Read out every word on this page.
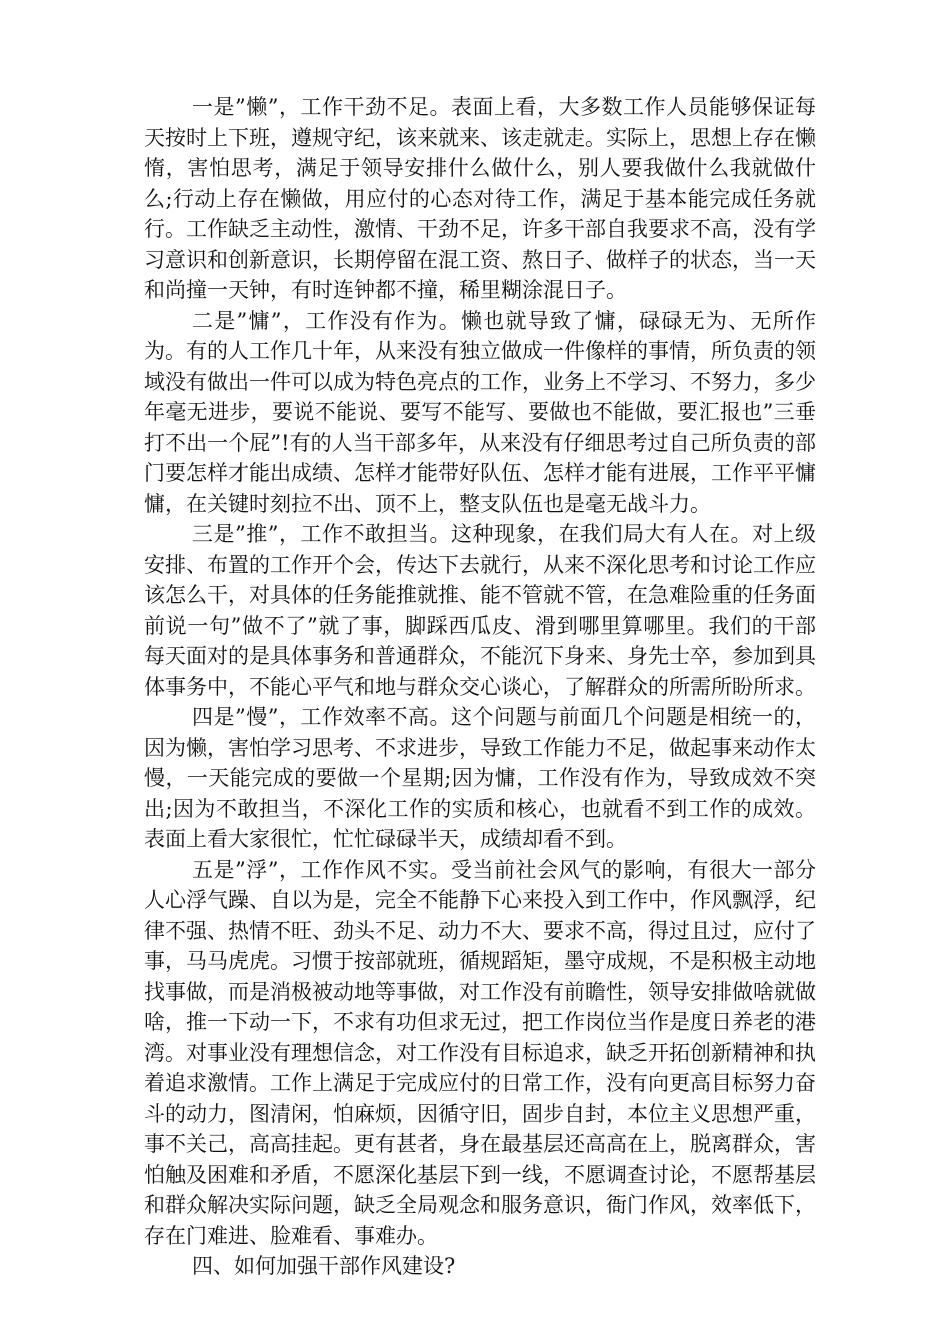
一是”懒”，工作干劲不足。表面上看，大多数工作人员能够保证每天按时上下班，遵规守纪，该来就来、该走就走。实际上，思想上存在懒惰，害怕思考，满足于领导安排什么做什么，别人要我做什么我就做什么;行动上存在懒做，用应付的心态对待工作，满足于基本能完成任务就行。工作缺乏主动性，激情、干劲不足，许多干部自我要求不高，没有学习意识和创新意识，长期停留在混工资、熬日子、做样子的状态，当一天和尚撞一天钟，有时连钟都不撞，稀里糊涂混日子。

二是”慵”，工作没有作为。懒也就导致了慵，碌碌无为、无所作为。有的人工作几十年，从来没有独立做成一件像样的事情，所负责的领域没有做出一件可以成为特色亮点的工作，业务上不学习、不努力，多少年毫无进步，要说不能说、要写不能写、要做也不能做，要汇报也”三垂打不出一个屁”!有的人当干部多年，从来没有仔细思考过自己所负责的部门要怎样才能出成绩、怎样才能带好队伍、怎样才能有进展，工作平平慵慵，在关键时刻拉不出、顶不上，整支队伍也是毫无战斗力。

三是”推”，工作不敢担当。这种现象，在我们局大有人在。对上级安排、布置的工作开个会，传达下去就行，从来不深化思考和讨论工作应该怎么干，对具体的任务能推就推、能不管就不管，在急难险重的任务面前说一句”做不了”就了事，脚踩西瓜皮、滑到哪里算哪里。我们的干部每天面对的是具体事务和普通群众，不能沉下身来、身先士卒，参加到具体事务中，不能心平气和地与群众交心谈心，了解群众的所需所盼所求。

四是”慢”，工作效率不高。这个问题与前面几个问题是相统一的，因为懒，害怕学习思考、不求进步，导致工作能力不足，做起事来动作太慢，一天能完成的要做一个星期;因为慵，工作没有作为，导致成效不突出;因为不敢担当，不深化工作的实质和核心，也就看不到工作的成效。表面上看大家很忙，忙忙碌碌半天，成绩却看不到。

五是”浮”，工作作风不实。受当前社会风气的影响，有很大一部分人心浮气躁、自以为是，完全不能静下心来投入到工作中，作风飘浮，纪律不强、热情不旺、劲头不足、动力不大、要求不高，得过且过，应付了事，马马虎虎。习惯于按部就班，循规蹈矩，墨守成规，不是积极主动地找事做，而是消极被动地等事做，对工作没有前瞻性，领导安排做啥就做啥，推一下动一下，不求有功但求无过，把工作岗位当作是度日养老的港湾。对事业没有理想信念，对工作没有目标追求，缺乏开拓创新精神和执着追求激情。工作上满足于完成应付的日常工作，没有向更高目标努力奋斗的动力，图清闲，怕麻烦，因循守旧，固步自封，本位主义思想严重，事不关己，高高挂起。更有甚者，身在最基层还高高在上，脱离群众，害怕触及困难和矛盾，不愿深化基层下到一线，不愿调查讨论，不愿帮基层和群众解决实际问题，缺乏全局观念和服务意识，衙门作风，效率低下，存在门难进、脸难看、事难办。

四、如何加强干部作风建设?
